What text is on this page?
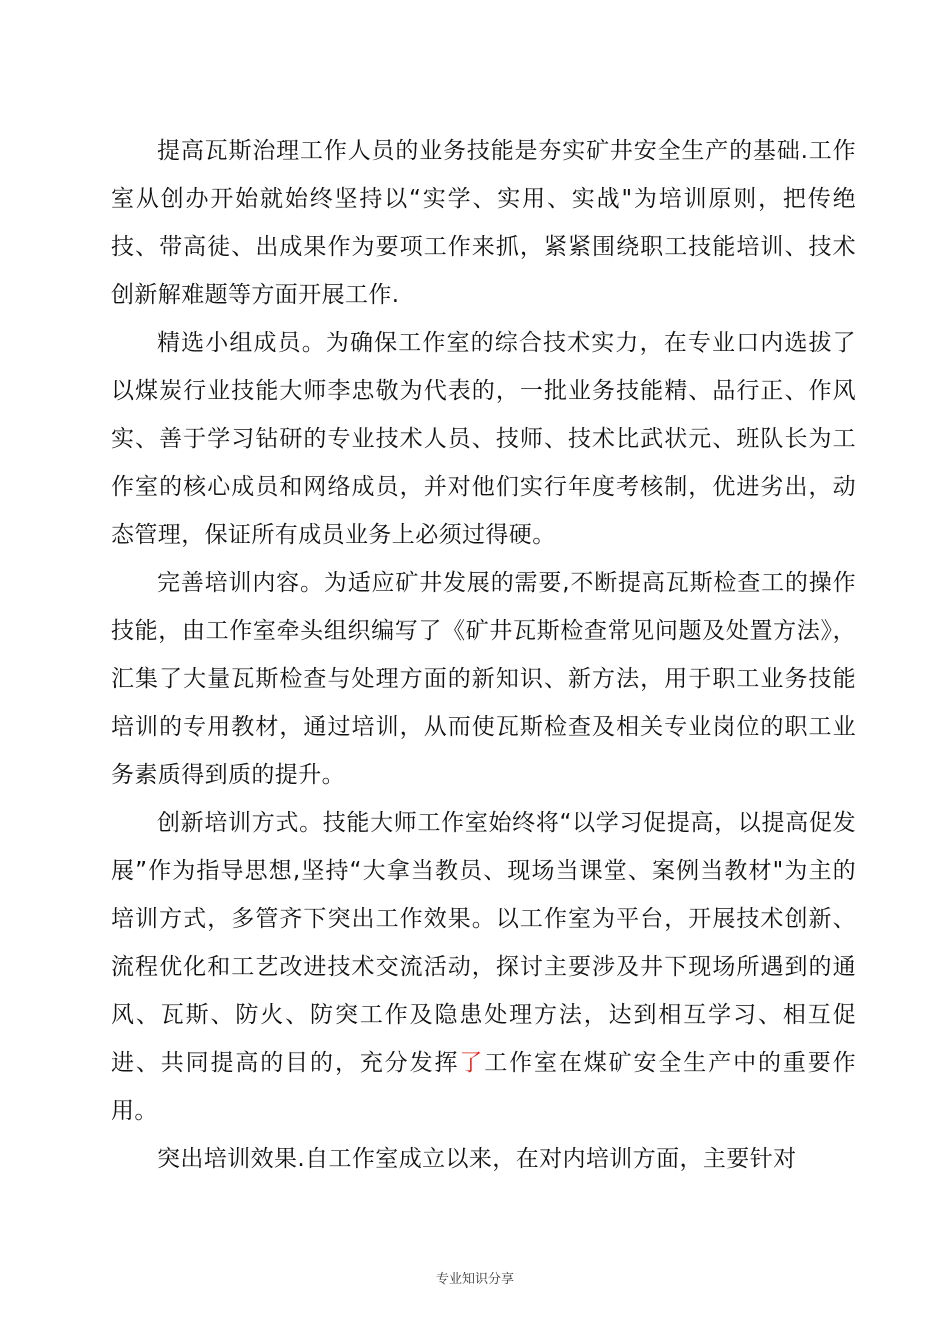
提高瓦斯治理工作人员的业务技能是夯实矿井安全生产的基础.工作室从创办开始就始终坚持以“实学、实用、实战"为培训原则，把传绝技、带高徒、出成果作为要项工作来抓，紧紧围绕职工技能培训、技术创新解难题等方面开展工作.

精选小组成员。为确保工作室的综合技术实力，在专业口内选拔了以煤炭行业技能大师李忠敬为代表的，一批业务技能精、品行正、作风实、善于学习钻研的专业技术人员、技师、技术比武状元、班队长为工作室的核心成员和网络成员，并对他们实行年度考核制，优进劣出，动态管理，保证所有成员业务上必须过得硬。

完善培训内容。为适应矿井发展的需要,不断提高瓦斯检查工的操作技能，由工作室牵头组织编写了《矿井瓦斯检查常见问题及处置方法》，汇集了大量瓦斯检查与处理方面的新知识、新方法，用于职工业务技能培训的专用教材，通过培训，从而使瓦斯检查及相关专业岗位的职工业务素质得到质的提升。

创新培训方式。技能大师工作室始终将“以学习促提高，以提高促发展”作为指导思想,坚持“大拿当教员、现场当课堂、案例当教材"为主的培训方式，多管齐下突出工作效果。以工作室为平台，开展技术创新、流程优化和工艺改进技术交流活动，探讨主要涉及井下现场所遇到的通风、瓦斯、防火、防突工作及隐患处理方法，达到相互学习、相互促进、共同提高的目的，充分发挥了工作室在煤矿安全生产中的重要作用。

突出培训效果.自工作室成立以来，在对内培训方面，主要针对

专业知识分享
